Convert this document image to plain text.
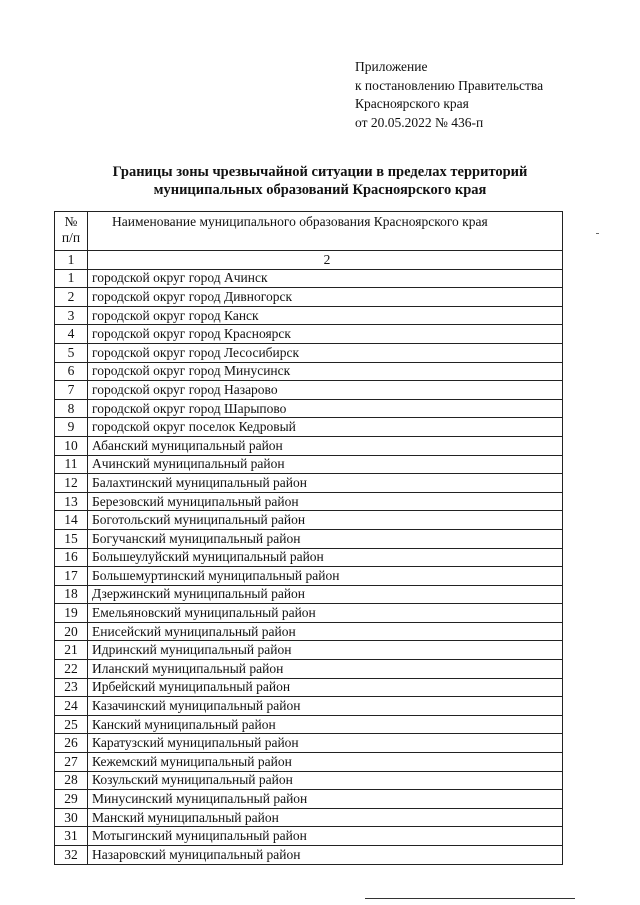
Приложение
к постановлению Правительства
Красноярского края
от 20.05.2022 № 436-п
Границы зоны чрезвычайной ситуации в пределах территорий
муниципальных образований Красноярского края
№
п/п	Наименование муниципального образования Красноярского края
1	2
1	городской округ город Ачинск
2	городской округ город Дивногорск
3	городской округ город Канск
4	городской округ город Красноярск
5	городской округ город Лесосибирск
6	городской округ город Минусинск
7	городской округ город Назарово
8	городской округ город Шарыпово
9	городской округ поселок Кедровый
10	Абанский муниципальный район
11	Ачинский муниципальный район
12	Балахтинский муниципальный район
13	Березовский муниципальный район
14	Боготольский муниципальный район
15	Богучанский муниципальный район
16	Большеулуйский муниципальный район
17	Большемуртинский муниципальный район
18	Дзержинский муниципальный район
19	Емельяновский муниципальный район
20	Енисейский муниципальный район
21	Идринский муниципальный район
22	Иланский муниципальный район
23	Ирбейский муниципальный район
24	Казачинский муниципальный район
25	Канский муниципальный район
26	Каратузский муниципальный район
27	Кежемский муниципальный район
28	Козульский муниципальный район
29	Минусинский муниципальный район
30	Манский муниципальный район
31	Мотыгинский муниципальный район
32	Назаровский муниципальный район
